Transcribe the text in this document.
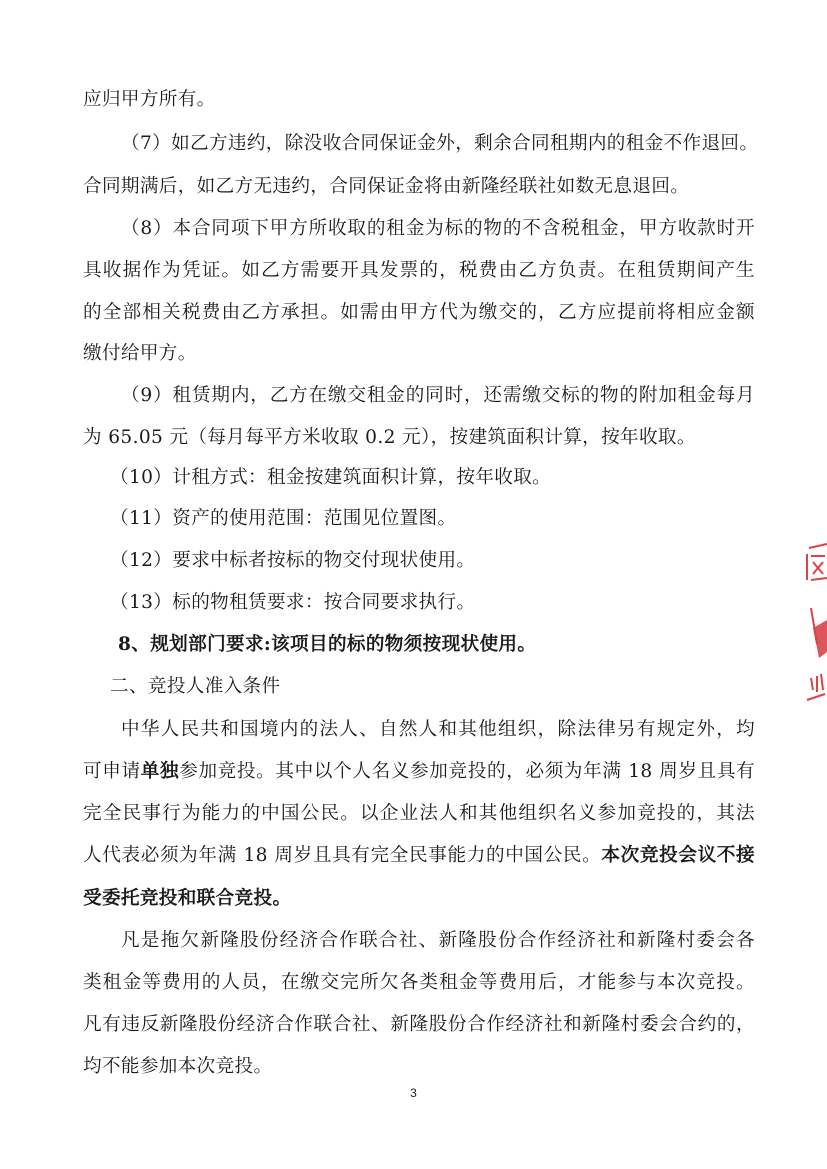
应归甲方所有。
（7）如乙方违约，除没收合同保证金外，剩余合同租期内的租金不作退回。
合同期满后，如乙方无违约，合同保证金将由新隆经联社如数无息退回。
（8）本合同项下甲方所收取的租金为标的物的不含税租金，甲方收款时开
具收据作为凭证。如乙方需要开具发票的，税费由乙方负责。在租赁期间产生
的全部相关税费由乙方承担。如需由甲方代为缴交的，乙方应提前将相应金额
缴付给甲方。
（9）租赁期内，乙方在缴交租金的同时，还需缴交标的物的附加租金每月
为 65.05 元（每月每平方米收取 0.2 元），按建筑面积计算，按年收取。
（10）计租方式：租金按建筑面积计算，按年收取。
（11）资产的使用范围：范围见位置图。
（12）要求中标者按标的物交付现状使用。
（13）标的物租赁要求：按合同要求执行。
8、规划部门要求:该项目的标的物须按现状使用。
二、竞投人准入条件
中华人民共和国境内的法人、自然人和其他组织，除法律另有规定外，均
可申请单独参加竞投。其中以个人名义参加竞投的，必须为年满 18 周岁且具有
完全民事行为能力的中国公民。以企业法人和其他组织名义参加竞投的，其法
人代表必须为年满 18 周岁且具有完全民事能力的中国公民。本次竞投会议不接
受委托竞投和联合竞投。
凡是拖欠新隆股份经济合作联合社、新隆股份合作经济社和新隆村委会各
类租金等费用的人员，在缴交完所欠各类租金等费用后，才能参与本次竞投。
凡有违反新隆股份经济合作联合社、新隆股份合作经济社和新隆村委会合约的，
均不能参加本次竞投。
3
